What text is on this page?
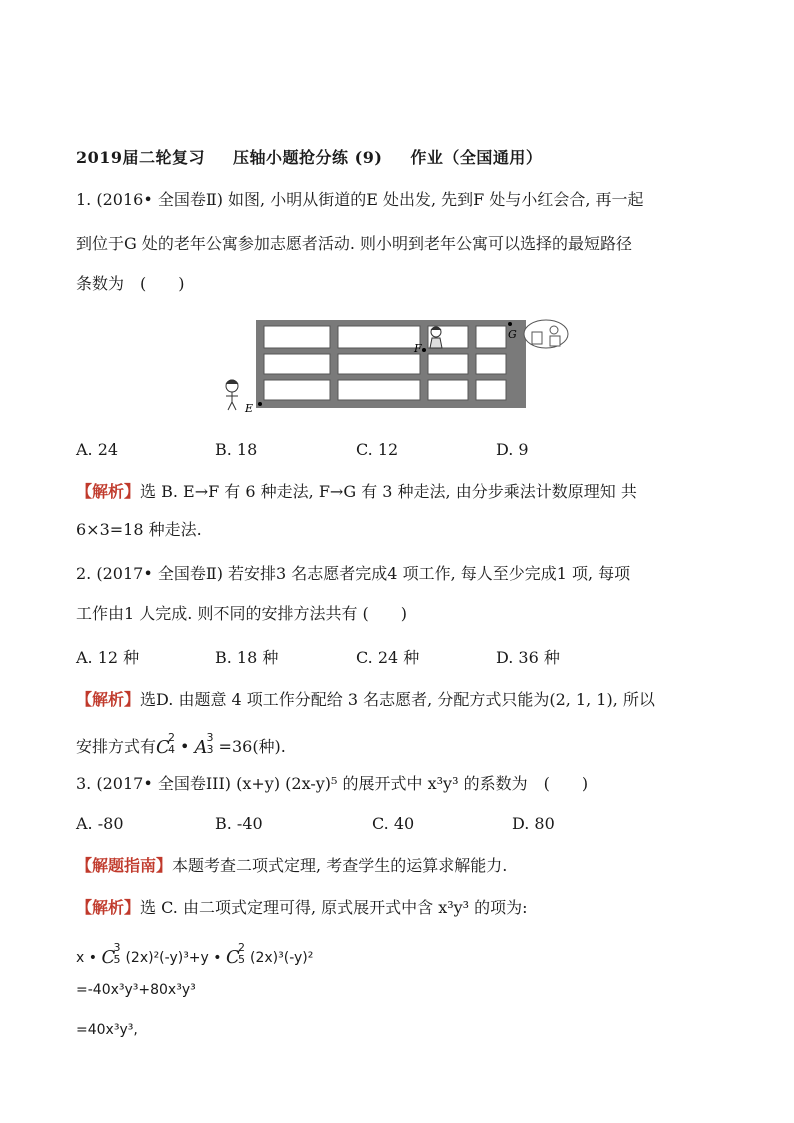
2019届二轮复习 压轴小题抢分练 (9) 作业（全国通用）
1. (2016• 全国卷Ⅱ) 如图, 小明从街道的E 处出发, 先到F 处与小红会合, 再一起
到位于G 处的老年公寓参加志愿者活动. 则小明到老年公寓可以选择的最短路径
条数为　(　　)
E
F
G
A. 24	B. 18	C. 12	D. 9
【解析】选 B. E→F 有 6 种走法, F→G 有 3 种走法, 由分步乘法计数原理知 共
6×3=18 种走法.
2. (2017• 全国卷Ⅱ) 若安排3 名志愿者完成4 项工作, 每人至少完成1 项, 每项
工作由1 人完成. 则不同的安排方法共有 (　　)
A. 12 种	B. 18 种	C. 24 种	D. 36 种
【解析】选D. 由题意 4 项工作分配给 3 名志愿者, 分配方式只能为(2, 1, 1), 所以
安排方式有 C
2
4 • A 3
3 =36(种).
3. (2017• 全国卷III) (x+y) (2x-y)⁵ 的展开式中 x³y³ 的系数为　(　　)
A. -80	B. -40	C. 40	D. 80
【解题指南】本题考查二项式定理, 考查学生的运算求解能力.
【解析】选 C. 由二项式定理可得, 原式展开式中含 x³y³ 的项为:
x • C
3
5 (2x)²(-y)³+y • C
2
5 (2x)³(-y)²
=-40x³y³+80x³y³
=40x³y³,
